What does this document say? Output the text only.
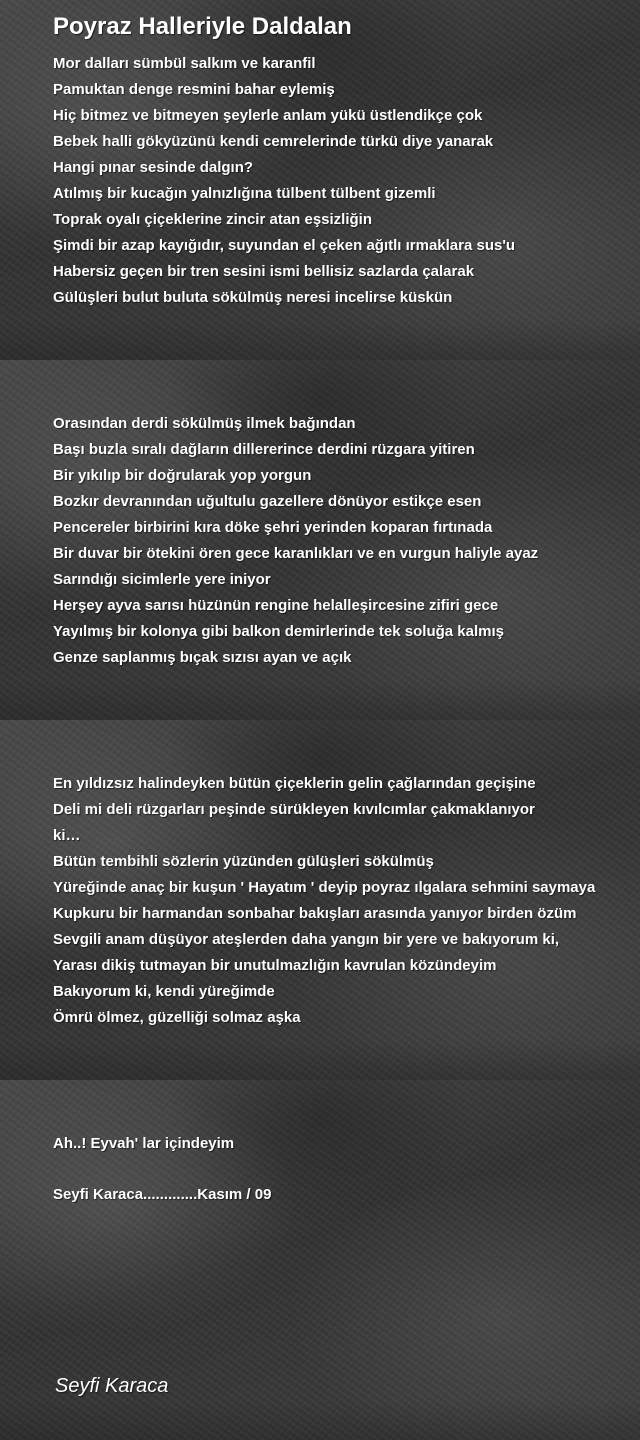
Poyraz Halleriyle Daldalan
Mor dalları sümbül salkım ve karanfil
Pamuktan denge resmini bahar eylemiş
Hiç bitmez ve bitmeyen şeylerle anlam yükü üstlendikçe çok
Bebek halli gökyüzünü kendi cemrelerinde türkü diye yanarak
Hangi pınar sesinde dalgın?
Atılmış bir kucağın yalnızlığına tülbent tülbent gizemli
Toprak oyalı çiçeklerine zincir atan eşsizliğin
Şimdi bir azap kayığıdır, suyundan el çeken ağıtlı ırmaklara sus'u
Habersiz geçen bir tren sesini ismi bellisiz sazlarda çalarak
Gülüşleri bulut buluta sökülmüş neresi incelirse küskün
Orasından derdi sökülmüş ilmek bağından
Başı buzla sıralı dağların dillererince derdini rüzgara yitiren
Bir yıkılıp bir doğrularak yop yorgun
Bozkır devranından uğultulu gazellere dönüyor estikçe esen
Pencereler birbirini kıra döke şehri yerinden koparan fırtınada
Bir duvar bir ötekini ören gece karanlıkları ve en vurgun haliyle ayaz
Sarındığı sicimlerle yere iniyor
Herşey ayva sarısı hüzünün rengine helalleşircesine zifiri gece
Yayılmış bir kolonya gibi balkon demirlerinde tek soluğa kalmış
Genze saplanmış bıçak sızısı ayan ve açık
En yıldızsız halindeyken bütün çiçeklerin gelin çağlarından geçişine
Deli mi deli rüzgarları peşinde sürükleyen kıvılcımlar çakmaklanıyor
ki…
Bütün tembihli sözlerin yüzünden gülüşleri sökülmüş
Yüreğinde anaç bir kuşun ' Hayatım ' deyip poyraz ılgalara sehmini saymaya
Kupkuru bir harmandan sonbahar bakışları arasında yanıyor birden özüm
Sevgili anam düşüyor ateşlerden daha yangın bir yere ve bakıyorum ki,
Yarası dikiş tutmayan bir unutulmazlığın kavrulan közündeyim
Bakıyorum ki, kendi yüreğimde
Ömrü ölmez, güzelliği solmaz aşka

Ah..! Eyvah' lar içindeyim

Seyfi Karaca.............Kasım / 09

Seyfi Karaca
